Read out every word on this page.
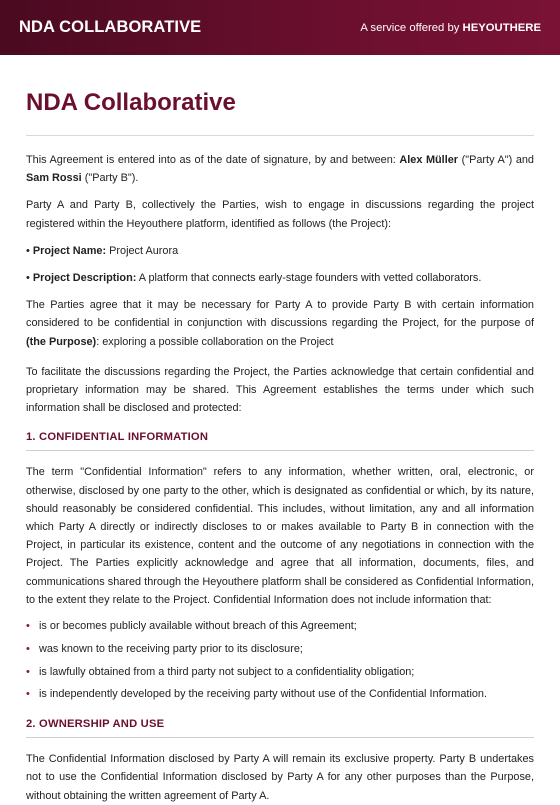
NDA COLLABORATIVE	A service offered by HEYOUTHERE
NDA Collaborative

This Agreement is entered into as of the date of signature, by and between: Alex Müller ("Party A") and Sam Rossi ("Party B").

Party A and Party B, collectively the Parties, wish to engage in discussions regarding the project registered within the Heyouthere platform, identified as follows (the Project):

• Project Name: Project Aurora

• Project Description: A platform that connects early-stage founders with vetted collaborators.

The Parties agree that it may be necessary for Party A to provide Party B with certain information considered to be confidential in conjunction with discussions regarding the Project, for the purpose of (the Purpose): exploring a possible collaboration on the Project

To facilitate the discussions regarding the Project, the Parties acknowledge that certain confidential and proprietary information may be shared. This Agreement establishes the terms under which such information shall be disclosed and protected:

1. CONFIDENTIAL INFORMATION

The term "Confidential Information" refers to any information, whether written, oral, electronic, or otherwise, disclosed by one party to the other, which is designated as confidential or which, by its nature, should reasonably be considered confidential. This includes, without limitation, any and all information which Party A directly or indirectly discloses to or makes available to Party B in connection with the Project, in particular its existence, content and the outcome of any negotiations in connection with the Project. The Parties explicitly acknowledge and agree that all information, documents, files, and communications shared through the Heyouthere platform shall be considered as Confidential Information, to the extent they relate to the Project. Confidential Information does not include information that:

• is or becomes publicly available without breach of this Agreement;
• was known to the receiving party prior to its disclosure;
• is lawfully obtained from a third party not subject to a confidentiality obligation;
• is independently developed by the receiving party without use of the Confidential Information.
2. OWNERSHIP AND USE

The Confidential Information disclosed by Party A will remain its exclusive property. Party B undertakes not to use the Confidential Information disclosed by Party A for any other purposes than the Purpose, without obtaining the written agreement of Party A.
